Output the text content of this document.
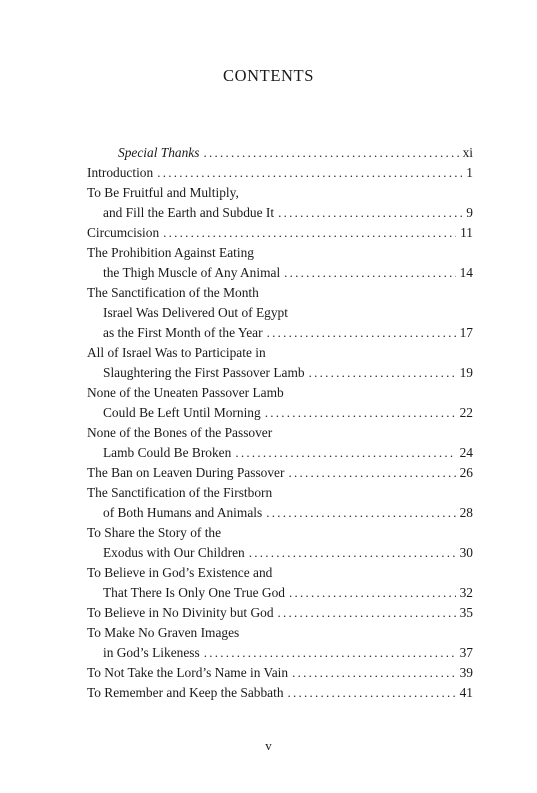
CONTENTS
Special Thanks . . .	xi
Introduction . . .	1
To Be Fruitful and Multiply,
and Fill the Earth and Subdue It . . .	9
Circumcision . . .	11
The Prohibition Against Eating
the Thigh Muscle of Any Animal . . .	14
The Sanctification of the Month
Israel Was Delivered Out of Egypt
as the First Month of the Year . . .	17
All of Israel Was to Participate in
Slaughtering the First Passover Lamb . . .	19
None of the Uneaten Passover Lamb
Could Be Left Until Morning . . .	22
None of the Bones of the Passover
Lamb Could Be Broken . . .	24
The Ban on Leaven During Passover . . .	26
The Sanctification of the Firstborn
of Both Humans and Animals . . .	28
To Share the Story of the
Exodus with Our Children . . .	30
To Believe in God’s Existence and
That There Is Only One True God . . .	32
To Believe in No Divinity but God . . .	35
To Make No Graven Images
in God’s Likeness . . .	37
To Not Take the Lord’s Name in Vain . . .	39
To Remember and Keep the Sabbath . . .	41
v
